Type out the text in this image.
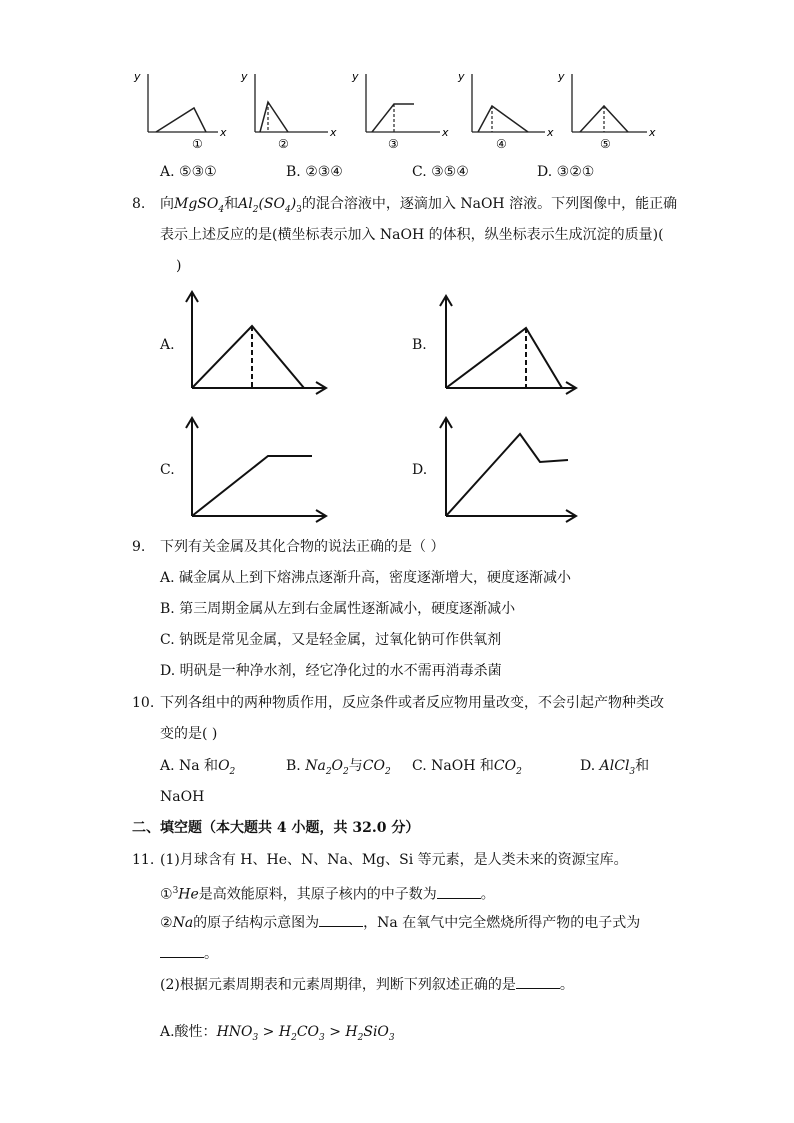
y
x
①
y
x
②
y
x
③
y
x
④
y
x
⑤
A. ⑤③①	B. ②③④	C. ③⑤④	D. ③②①
8. 向MgSO$_4$和$Al_2(SO_4)_3$的混合溶液中，逐滴加入 NaOH 溶液。下列图像中，能正确
表示上述反应的是(横坐标表示加入 NaOH 的体积，纵坐标表示生成沉淀的质量)(
)
A.	B.
C.	D.
9. 下列有关金属及其化合物的说法正确的是（ ）
A. 碱金属从上到下熔沸点逐渐升高，密度逐渐增大，硬度逐渐减小
B. 第三周期金属从左到右金属性逐渐减小，硬度逐渐减小
C. 钠既是常见金属，又是轻金属，过氧化钠可作供氧剂
D. 明矾是一种净水剂，经它净化过的水不需再消毒杀菌
10. 下列各组中的两种物质作用，反应条件或者反应物用量改变，不会引起产物种类改
变的是( )
A. Na 和$O_2$	B. $Na_2O_2$与$CO_2$ C. NaOH 和$CO_2$	D. AlCl$_3$和
NaOH
二、填空题（本大题共 4 小题，共 32.0 分）
11. (1)月球含有 H、He、N、Na、Mg、Si 等元素，是人类未来的资源宝库。
①$^3$He是高效能原料，其原子核内的中子数为	。
②Na的原子结构示意图为	，Na 在氧气中完全燃烧所得产物的电子式为
。
(2)根据元素周期表和元素周期律，判断下列叙述正确的是	。
A.酸性：$HNO_3 > H_2CO_3 > H_2SiO_3$
